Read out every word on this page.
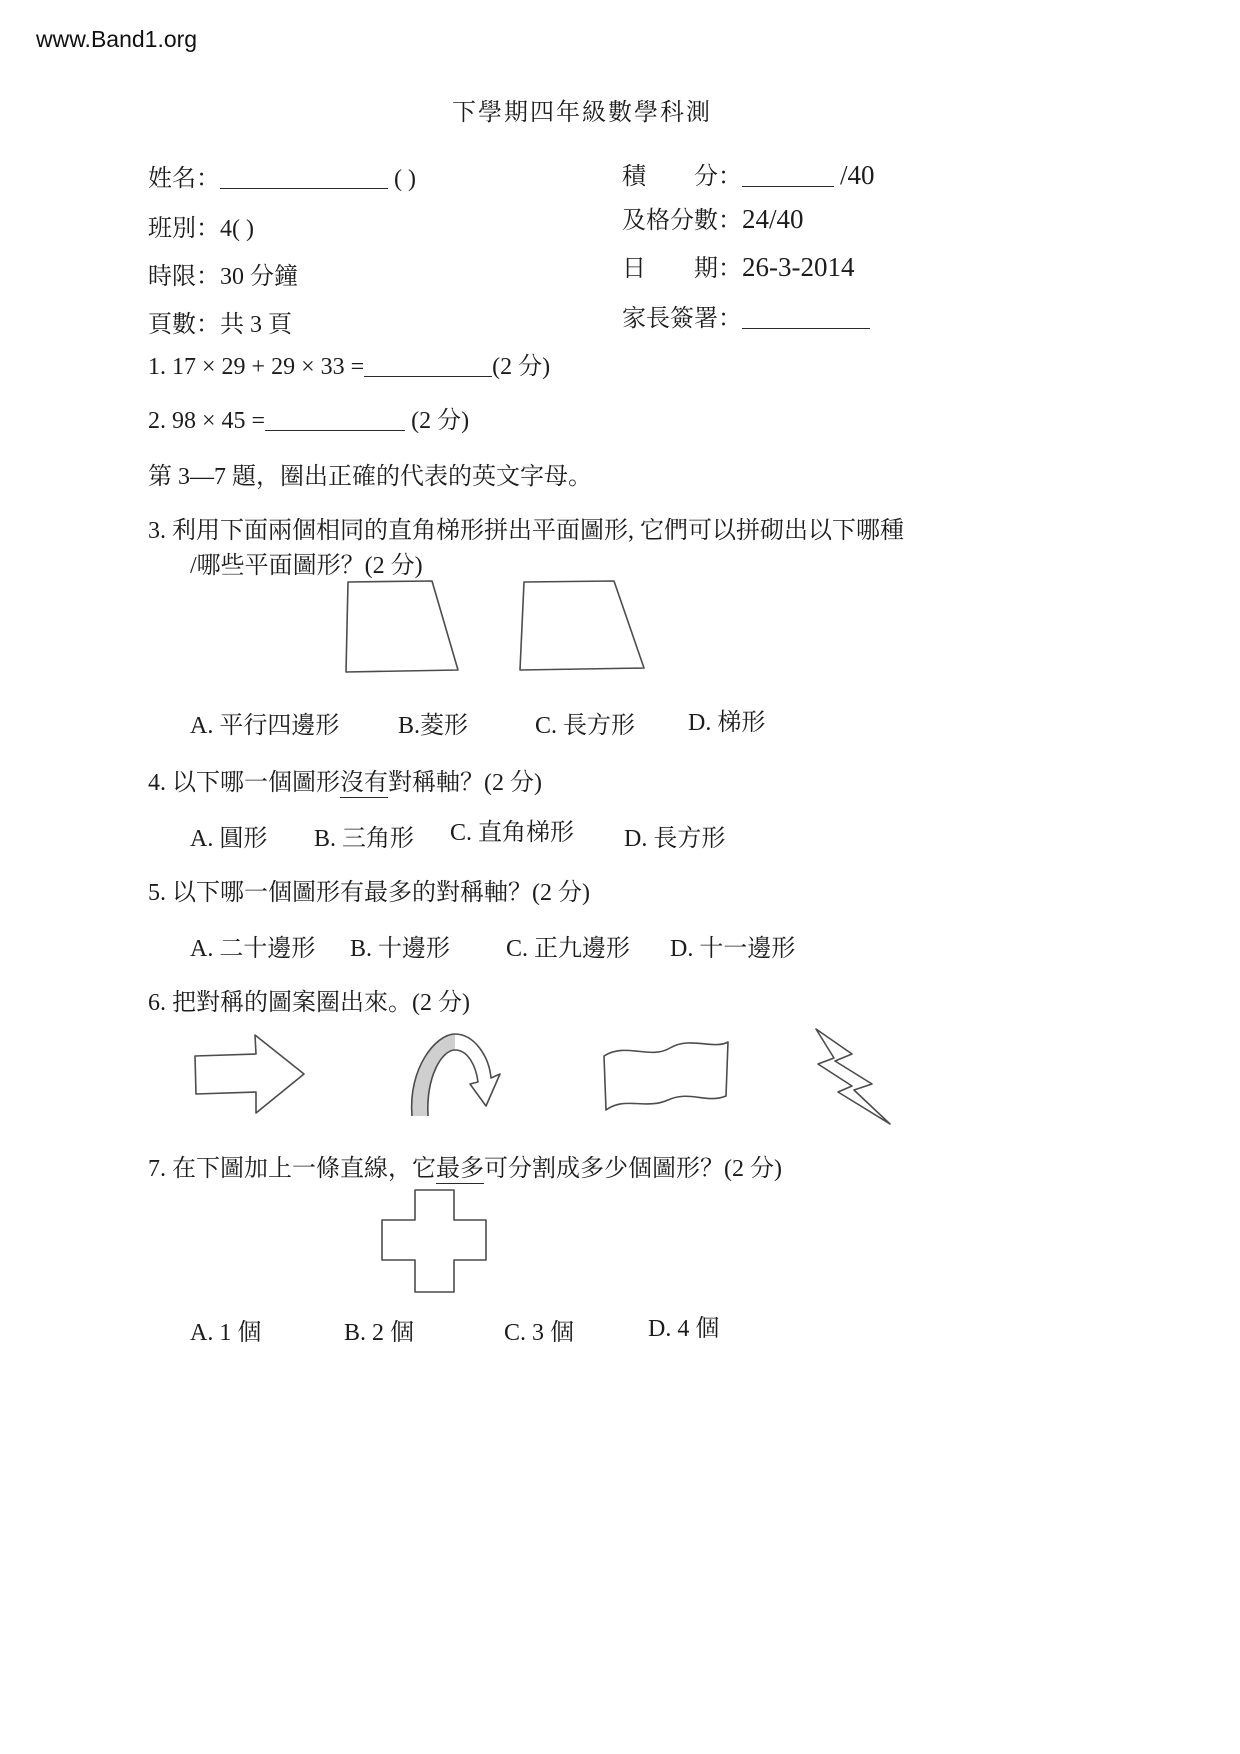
www.Band1.org
下學期四年級數學科測
姓名：	( )
班別：4( )
時限：30 分鐘
頁數：共 3 頁
積　　分：	/40
及格分數：24/40
日　　期：26-3-2014
家長簽署：
1. 17 × 29 + 29 × 33 =	(2 分)
2. 98 × 45 =	(2 分)
第 3—7 題，圈出正確的代表的英文字母。
3. 利用下面兩個相同的直角梯形拼出平面圖形, 它們可以拼砌出以下哪種
/哪些平面圖形？(2 分)
A. 平行四邊形 B.菱形	C. 長方形 D. 梯形
4. 以下哪一個圖形沒有對稱軸？(2 分)
A. 圓形 B. 三角形 C. 直角梯形 D. 長方形
5. 以下哪一個圖形有最多的對稱軸？(2 分)
A. 二十邊形 B. 十邊形 C. 正九邊形 D. 十一邊形
6. 把對稱的圖案圈出來。(2 分)
7. 在下圖加上一條直線，它最多可分割成多少個圖形？(2 分)
A. 1 個	B. 2 個	C. 3 個	D. 4 個
